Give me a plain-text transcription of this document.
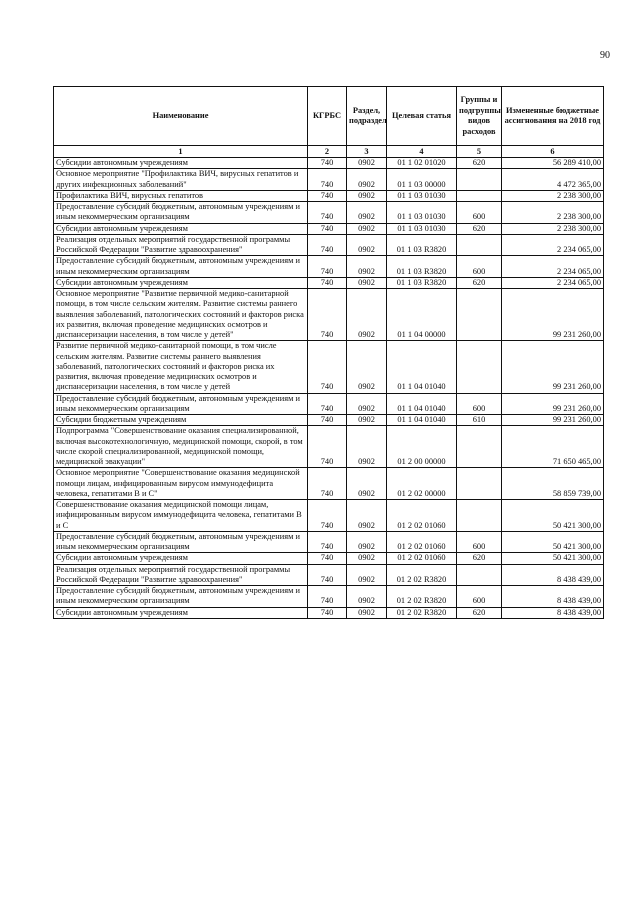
90
Наименование	КГРБС	Раздел, подраздел	Целевая статья	Группы и подгруппы видов расходов	Измененные бюджетные ассигнования на 2018 год
1	2	3	4	5	6
Субсидии автономным учреждениям	740	0902	01 1 02 01020	620	56 289 410,00
Основное мероприятие "Профилактика ВИЧ, вирусных гепатитов и других инфекционных заболеваний"	740	0902	01 1 03 00000		4 472 365,00
Профилактика ВИЧ, вирусных гепатитов	740	0902	01 1 03 01030		2 238 300,00
Предоставление субсидий бюджетным, автономным учреждениям и иным некоммерческим организациям	740	0902	01 1 03 01030	600	2 238 300,00
Субсидии автономным учреждениям	740	0902	01 1 03 01030	620	2 238 300,00
Реализация отдельных мероприятий государственной программы Российской Федерации "Развитие здравоохранения"	740	0902	01 1 03 R3820		2 234 065,00
Предоставление субсидий бюджетным, автономным учреждениям и иным некоммерческим организациям	740	0902	01 1 03 R3820	600	2 234 065,00
Субсидии автономным учреждениям	740	0902	01 1 03 R3820	620	2 234 065,00
Основное мероприятие "Развитие первичной медико-санитарной помощи, в том числе сельским жителям. Развитие системы раннего выявления заболеваний, патологических состояний и факторов риска их развития, включая проведение медицинских осмотров и диспансеризации населения, в том числе у детей"	740	0902	01 1 04 00000		99 231 260,00
Развитие первичной медико-санитарной помощи, в том числе сельским жителям. Развитие системы раннего выявления заболеваний, патологических состояний и факторов риска их развития, включая проведение медицинских осмотров и диспансеризации населения, в том числе у детей	740	0902	01 1 04 01040		99 231 260,00
Предоставление субсидий бюджетным, автономным учреждениям и иным некоммерческим организациям	740	0902	01 1 04 01040	600	99 231 260,00
Субсидии бюджетным учреждениям	740	0902	01 1 04 01040	610	99 231 260,00
Подпрограмма "Совершенствование оказания специализированной, включая высокотехнологичную, медицинской помощи, скорой, в том числе скорой специализированной, медицинской помощи, медицинской эвакуации"	740	0902	01 2 00 00000		71 650 465,00
Основное мероприятие "Совершенствование оказания медицинской помощи лицам, инфицированным вирусом иммунодефицита человека, гепатитами В и С"	740	0902	01 2 02 00000		58 859 739,00
Совершенствование оказания медицинской помощи лицам, инфицированным вирусом иммунодефицита человека, гепатитами В и С	740	0902	01 2 02 01060		50 421 300,00
Предоставление субсидий бюджетным, автономным учреждениям и иным некоммерческим организациям	740	0902	01 2 02 01060	600	50 421 300,00
Субсидии автономным учреждениям	740	0902	01 2 02 01060	620	50 421 300,00
Реализация отдельных мероприятий государственной программы Российской Федерации "Развитие здравоохранения"	740	0902	01 2 02 R3820		8 438 439,00
Предоставление субсидий бюджетным, автономным учреждениям и иным некоммерческим организациям	740	0902	01 2 02 R3820	600	8 438 439,00
Субсидии автономным учреждениям	740	0902	01 2 02 R3820	620	8 438 439,00
